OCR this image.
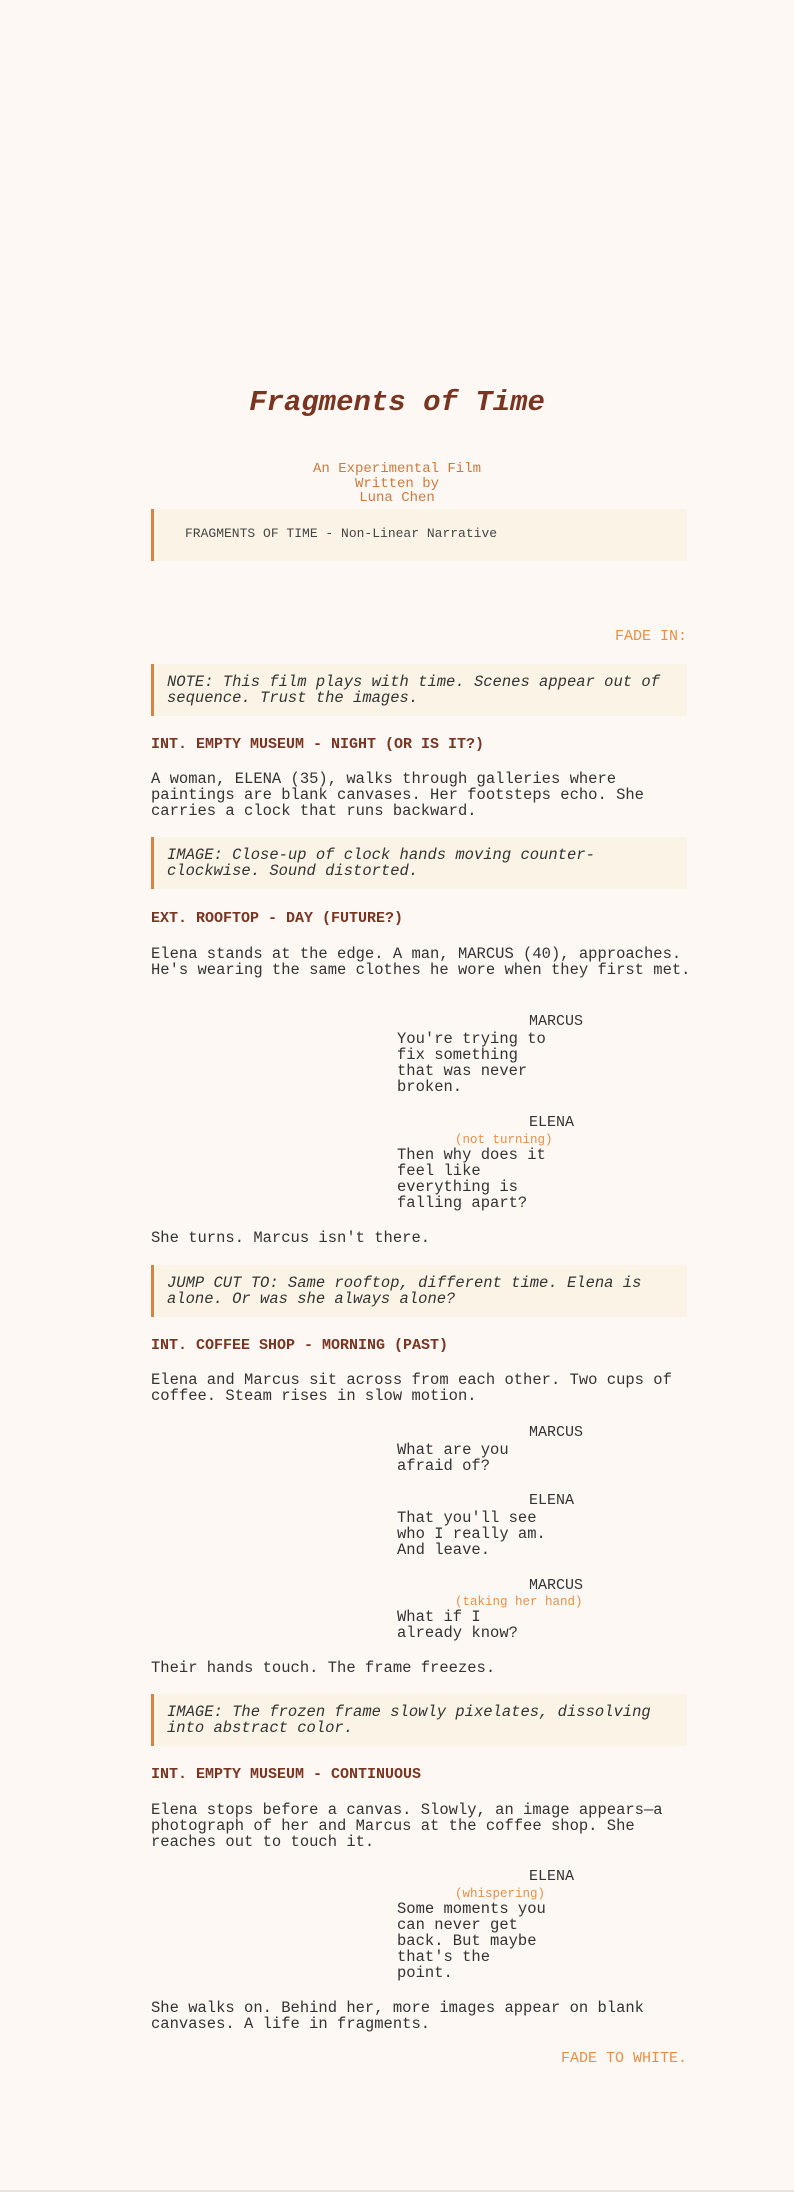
Fragments of Time
An Experimental Film
Written by
Luna Chen
FRAGMENTS OF TIME - Non-Linear Narrative
FADE IN:
NOTE: This film plays with time. Scenes appear out of sequence. Trust the images.
INT. EMPTY MUSEUM - NIGHT (OR IS IT?)
A woman, ELENA (35), walks through galleries where paintings are blank canvases. Her footsteps echo. She carries a clock that runs backward.
IMAGE: Close-up of clock hands moving counter-clockwise. Sound distorted.
EXT. ROOFTOP - DAY (FUTURE?)
Elena stands at the edge. A man, MARCUS (40), approaches. He's wearing the same clothes he wore when they first met.
MARCUS
You're trying to
fix something
that was never
broken.
ELENA
(not turning)
Then why does it
feel like
everything is
falling apart?
She turns. Marcus isn't there.
JUMP CUT TO: Same rooftop, different time. Elena is alone. Or was she always alone?
INT. COFFEE SHOP - MORNING (PAST)
Elena and Marcus sit across from each other. Two cups of coffee. Steam rises in slow motion.
MARCUS
What are you
afraid of?
ELENA
That you'll see
who I really am.
And leave.
MARCUS
(taking her hand)
What if I
already know?
Their hands touch. The frame freezes.
IMAGE: The frozen frame slowly pixelates, dissolving into abstract color.
INT. EMPTY MUSEUM - CONTINUOUS
Elena stops before a canvas. Slowly, an image appears—a photograph of her and Marcus at the coffee shop. She reaches out to touch it.
ELENA
(whispering)
Some moments you
can never get
back. But maybe
that's the
point.
She walks on. Behind her, more images appear on blank canvases. A life in fragments.
FADE TO WHITE.
